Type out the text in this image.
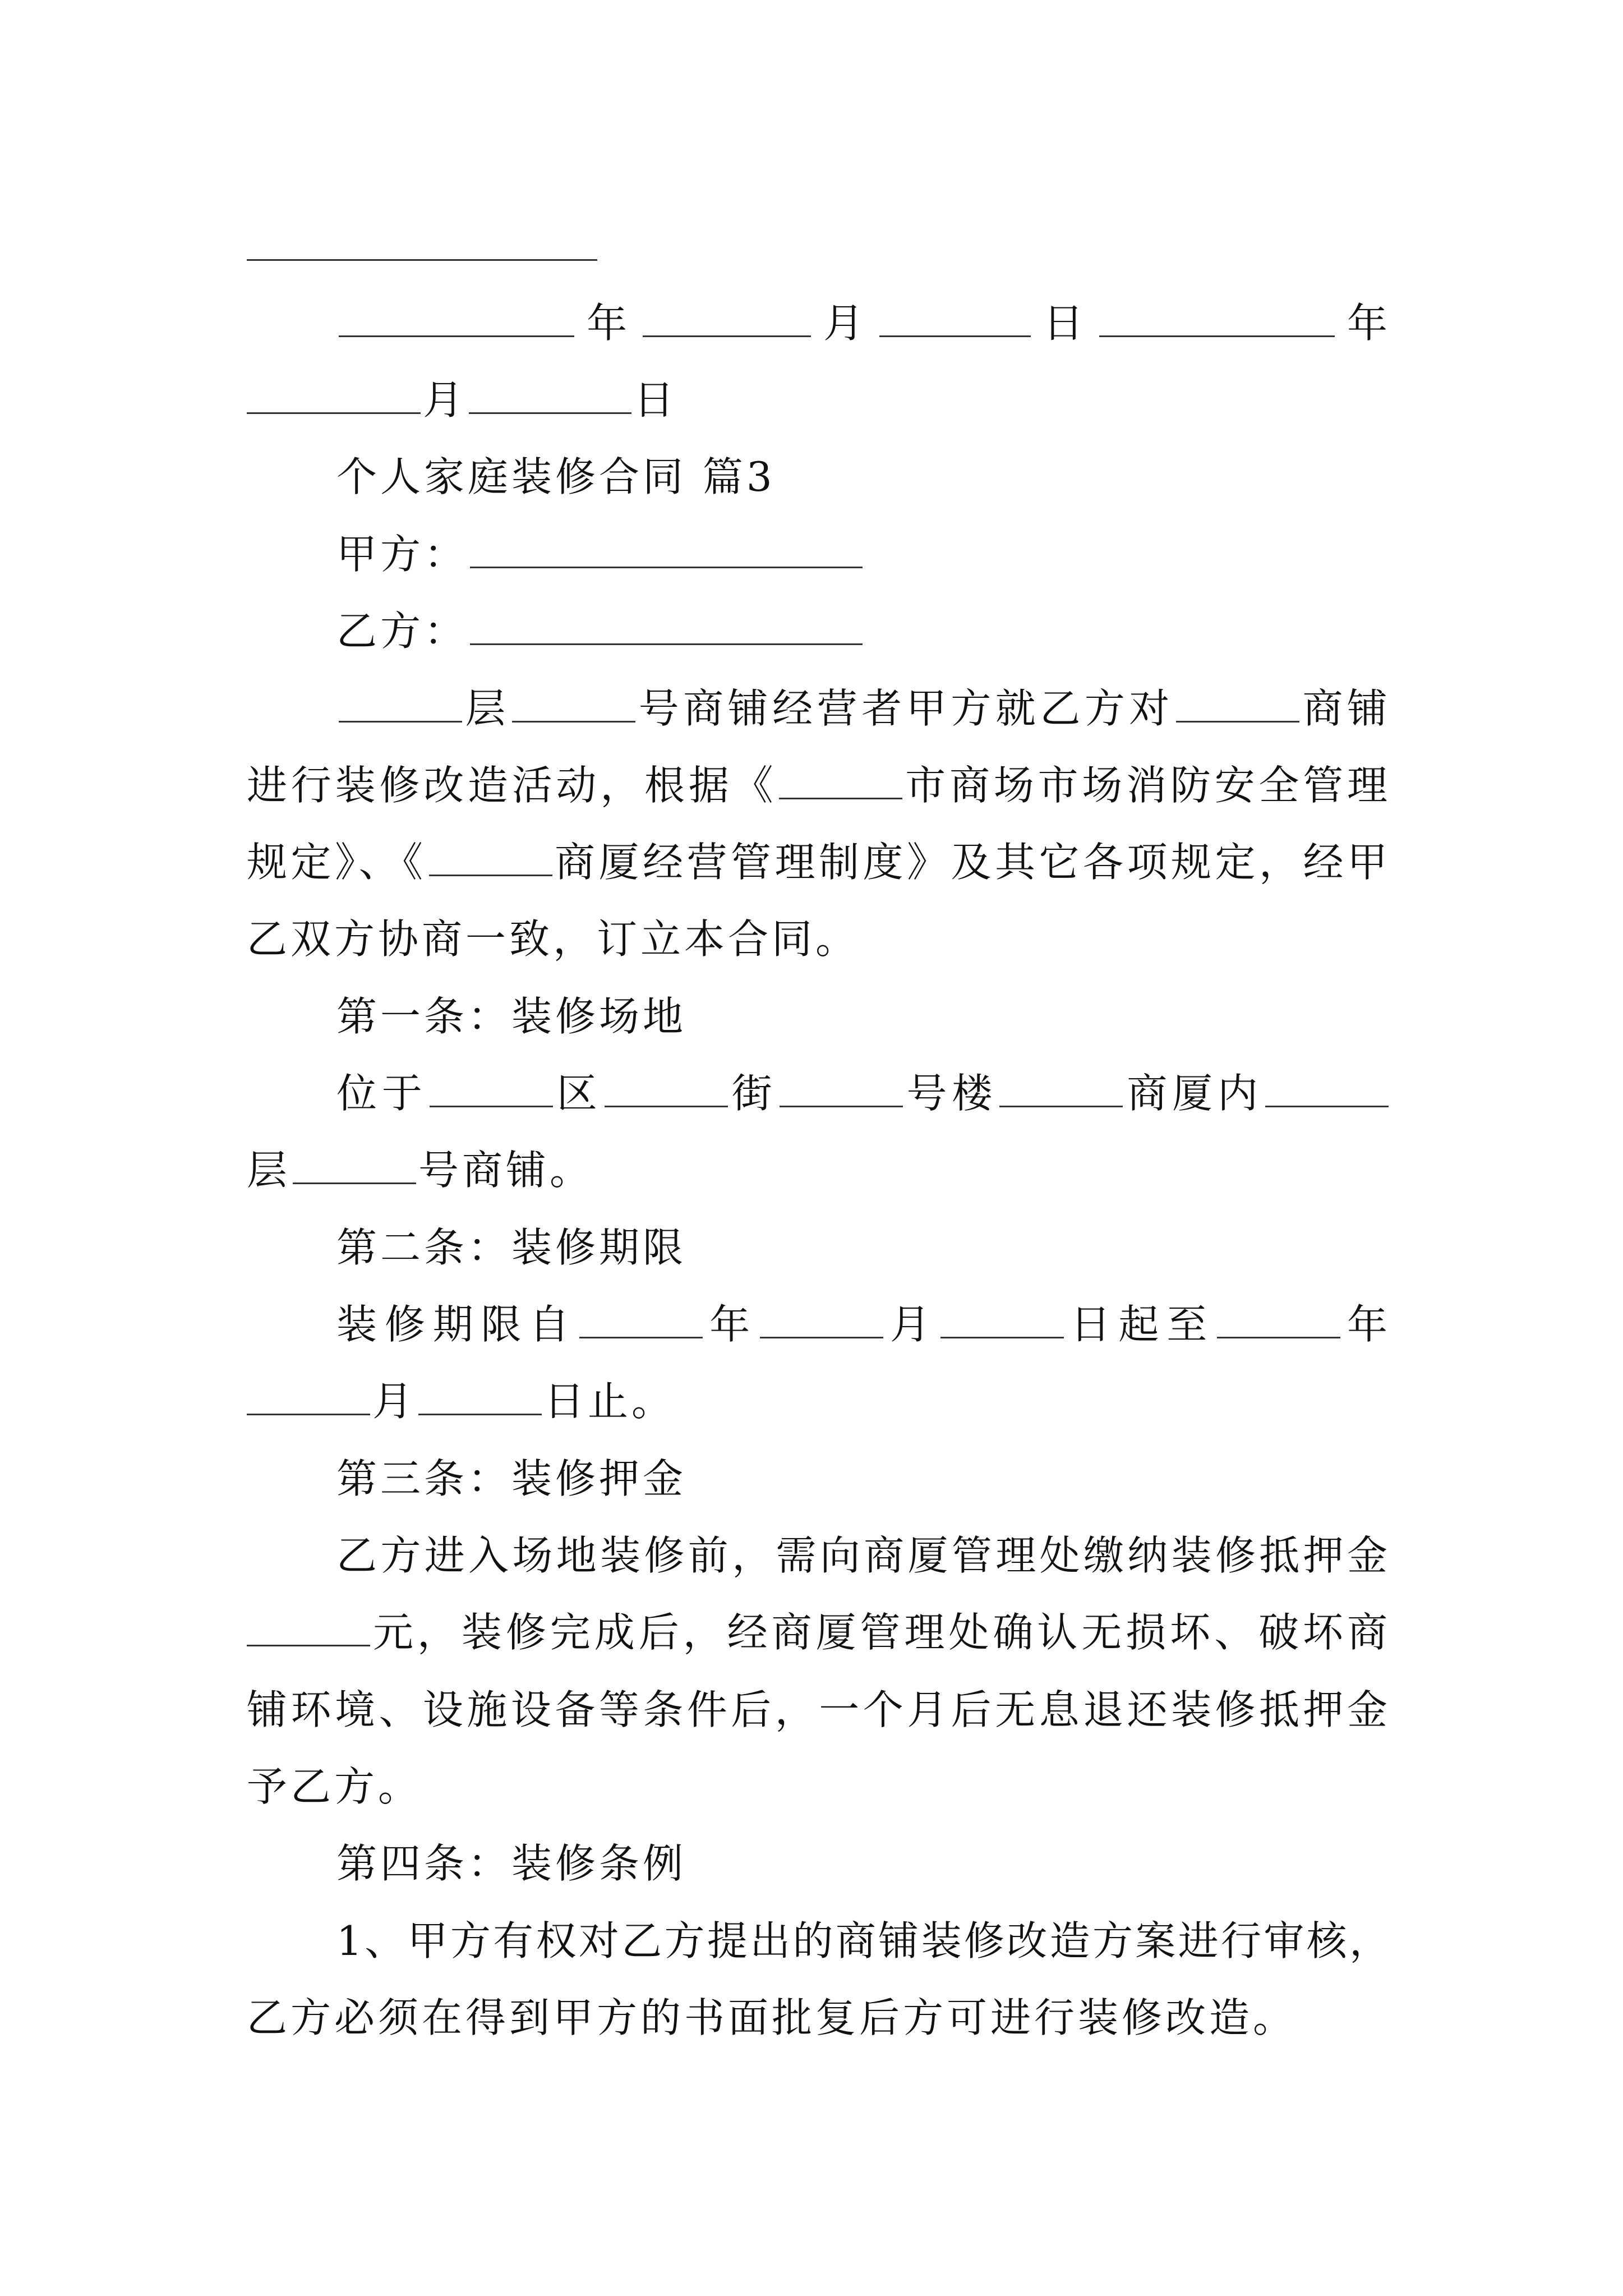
年	月	日	年
月	日
个人家庭装修合同 篇3
甲方：
乙方：
层	号商铺经营者甲方就乙方对	商铺
进行装修改造活动，根据《	市商场市场消防安全管理
规定》、《	商厦经营管理制度》及其它各项规定，经甲
乙双方协商一致，订立本合同。
第一条：装修场地
位于	区	街	号楼	商厦内
层	号商铺。
第二条：装修期限
装修期限自	年	月	日起至	年
月	日止。
第三条：装修押金
乙方进入场地装修前，需向商厦管理处缴纳装修抵押金
元，装修完成后，经商厦管理处确认无损坏、破坏商
铺环境、设施设备等条件后，一个月后无息退还装修抵押金
予乙方。
第四条：装修条例
1、甲方有权对乙方提出的商铺装修改造方案进行审核，
乙方必须在得到甲方的书面批复后方可进行装修改造。
